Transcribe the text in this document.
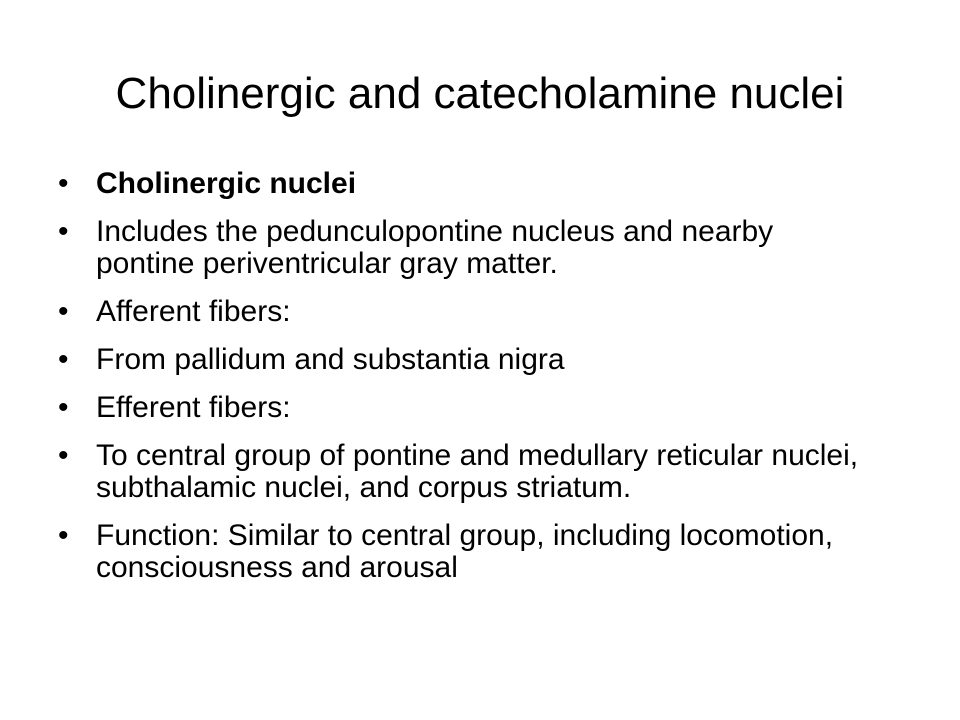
Cholinergic and catecholamine nuclei
• Cholinergic nuclei
• Includes the pedunculopontine nucleus and nearby pontine periventricular gray matter.
• Afferent fibers:
• From pallidum and substantia nigra
• Efferent fibers:
• To central group of pontine and medullary reticular nuclei, subthalamic nuclei, and corpus striatum.
• Function: Similar to central group, including locomotion, consciousness and arousal
